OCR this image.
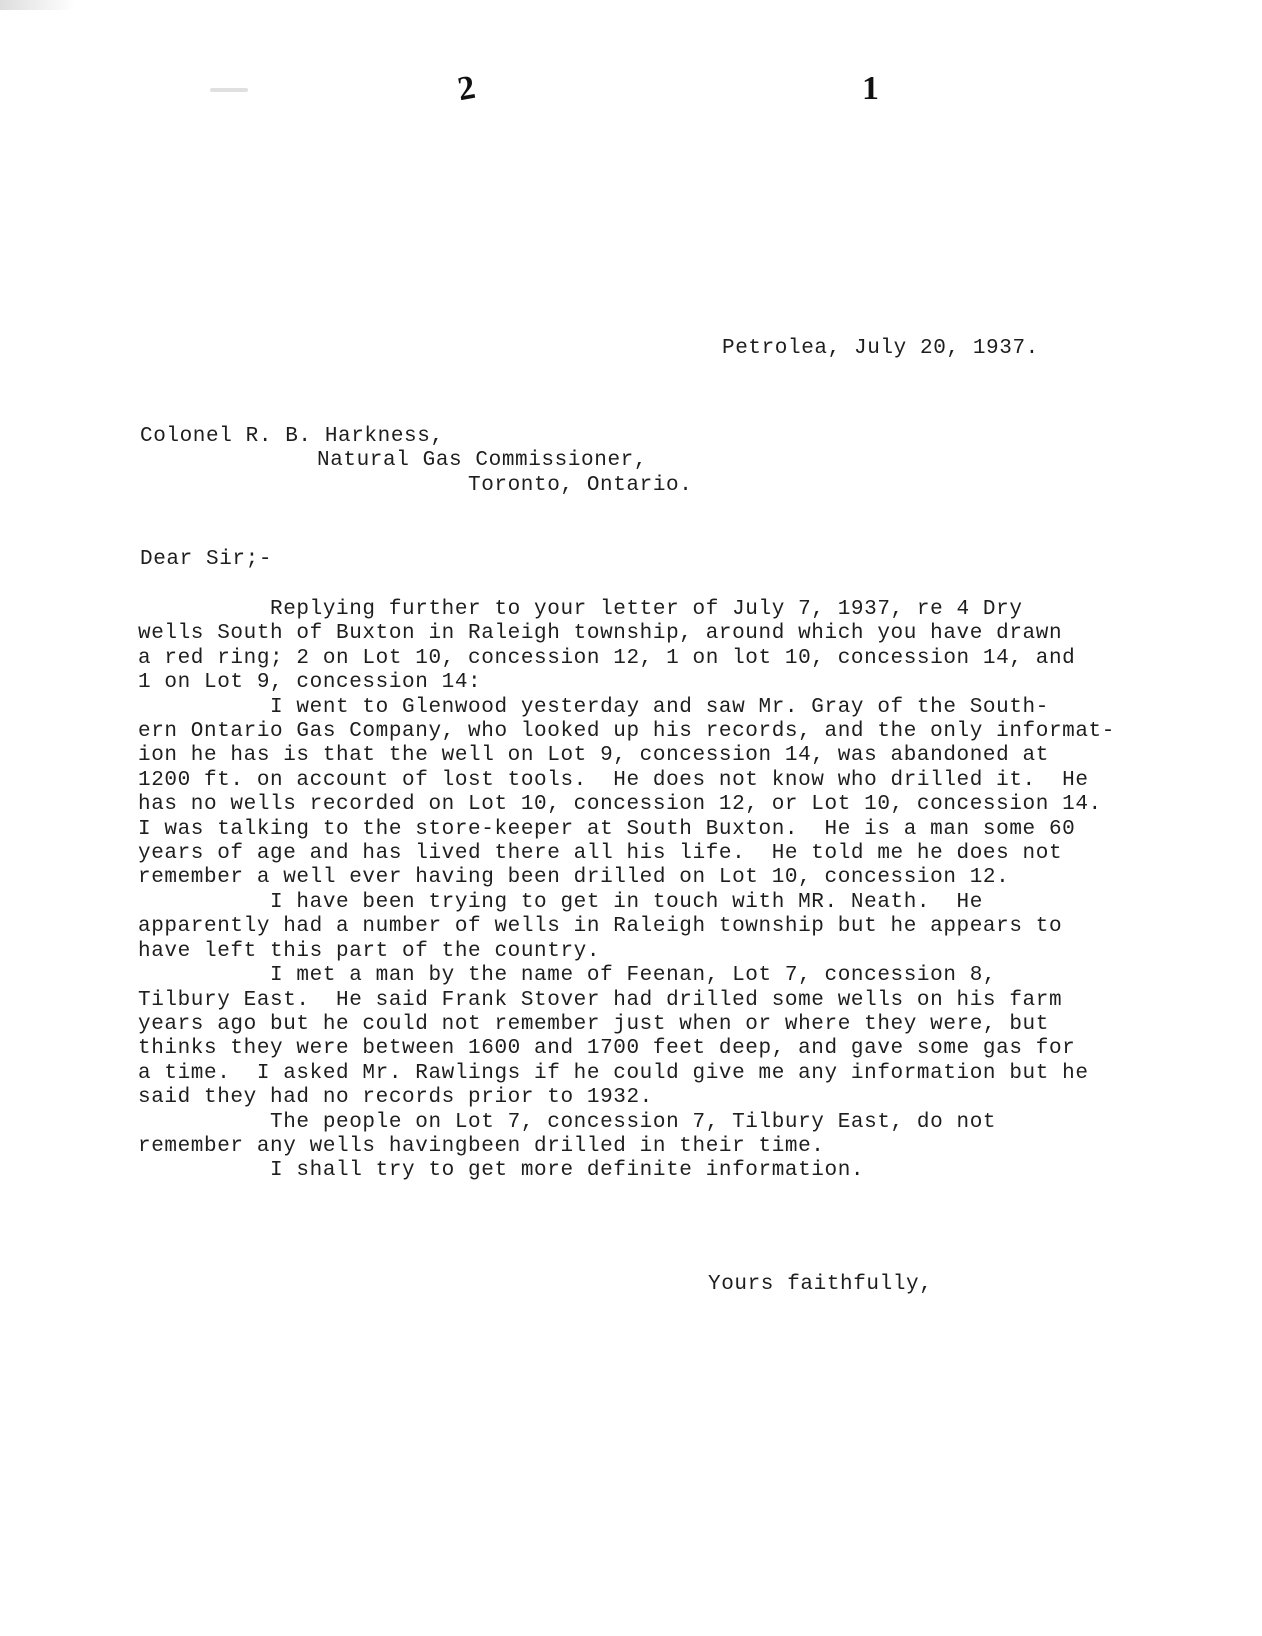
2	1
Petrolea, July 20, 1937.
Colonel R. B. Harkness,
Natural Gas Commissioner,
Toronto, Ontario.
Dear Sir;-
Replying further to your letter of July 7, 1937, re 4 Dry
wells South of Buxton in Raleigh township, around which you have drawn
a red ring; 2 on Lot 10, concession 12, 1 on lot 10, concession 14, and
1 on Lot 9, concession 14:
I went to Glenwood yesterday and saw Mr. Gray of the South-
ern Ontario Gas Company, who looked up his records, and the only informat-
ion he has is that the well on Lot 9, concession 14, was abandoned at
1200 ft. on account of lost tools.  He does not know who drilled it.  He
has no wells recorded on Lot 10, concession 12, or Lot 10, concession 14.
I was talking to the store-keeper at South Buxton.  He is a man some 60
years of age and has lived there all his life.  He told me he does not
remember a well ever having been drilled on Lot 10, concession 12.
I have been trying to get in touch with MR. Neath.  He
apparently had a number of wells in Raleigh township but he appears to
have left this part of the country.
I met a man by the name of Feenan, Lot 7, concession 8,
Tilbury East.  He said Frank Stover had drilled some wells on his farm
years ago but he could not remember just when or where they were, but
thinks they were between 1600 and 1700 feet deep, and gave some gas for
a time.  I asked Mr. Rawlings if he could give me any information but he
said they had no records prior to 1932.
The people on Lot 7, concession 7, Tilbury East, do not
remember any wells havingbeen drilled in their time.
I shall try to get more definite information.
Yours faithfully,
